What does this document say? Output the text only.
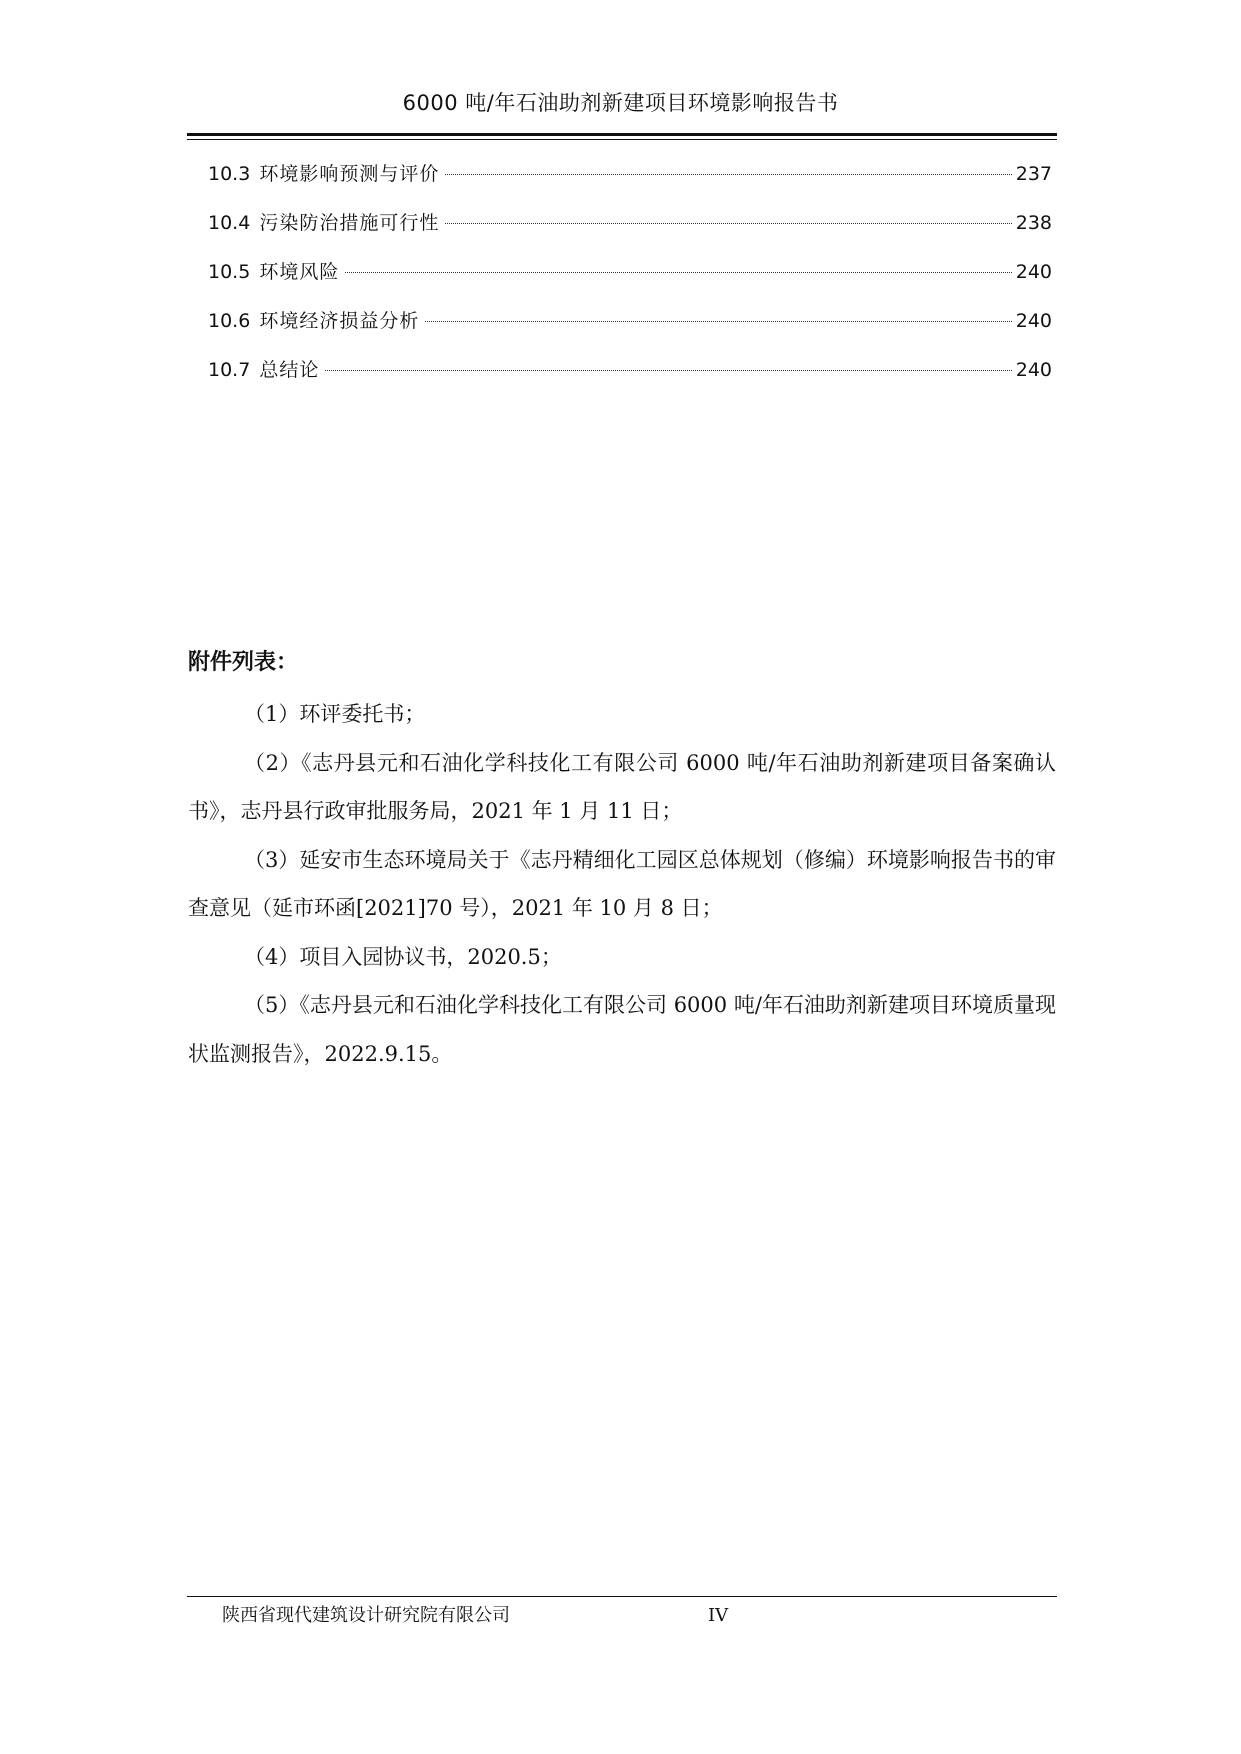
6000 吨/年石油助剂新建项目环境影响报告书
10.3 环境影响预测与评价	237
10.4 污染防治措施可行性	238
10.5 环境风险	240
10.6 环境经济损益分析	240
10.7 总结论	240
附件列表：

（1）环评委托书；

（2）《志丹县元和石油化学科技化工有限公司 6000 吨/年石油助剂新建项目备案确认书》，志丹县行政审批服务局，2021 年 1 月 11 日；

（3）延安市生态环境局关于《志丹精细化工园区总体规划（修编）环境影响报告书的审查意见（延市环函[2021]70 号），2021 年 10 月 8 日；

（4）项目入园协议书，2020.5；

（5）《志丹县元和石油化学科技化工有限公司 6000 吨/年石油助剂新建项目环境质量现状监测报告》，2022.9.15。

陕西省现代建筑设计研究院有限公司	IV
